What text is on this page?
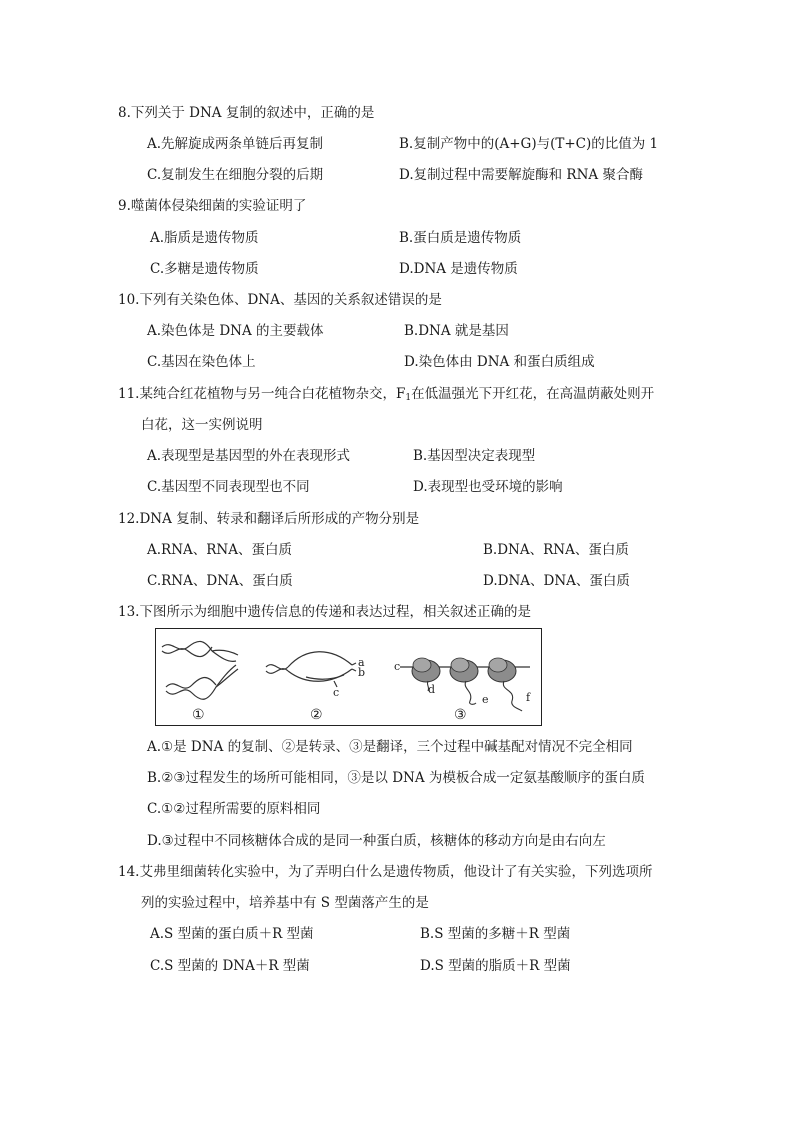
8.下列关于 DNA 复制的叙述中，正确的是
A.先解旋成两条单链后再复制	B.复制产物中的(A+G)与(T+C)的比值为 1
C.复制发生在细胞分裂的后期	D.复制过程中需要解旋酶和 RNA 聚合酶
9.噬菌体侵染细菌的实验证明了
A.脂质是遗传物质	B.蛋白质是遗传物质
C.多糖是遗传物质	D.DNA 是遗传物质
10.下列有关染色体、DNA、基因的关系叙述错误的是
A.染色体是 DNA 的主要载体	B.DNA 就是基因
C.基因在染色体上	D.染色体由 DNA 和蛋白质组成
11.某纯合红花植物与另一纯合白花植物杂交，$F_1$在低温强光下开红花，在高温荫蔽处则开
白花，这一实例说明
A.表现型是基因型的外在表现形式	B.基因型决定表现型
C.基因型不同表现型也不同	D.表现型也受环境的影响
12.DNA 复制、转录和翻译后所形成的产物分别是
A.RNA、RNA、蛋白质	B.DNA、RNA、蛋白质
C.RNA、DNA、蛋白质	D.DNA、DNA、蛋白质
13.下图所示为细胞中遗传信息的传递和表达过程，相关叙述正确的是
①	②	③
a
b
c
c
d
e	f
A.①是 DNA 的复制、②是转录、③是翻译，三个过程中碱基配对情况不完全相同
B.②③过程发生的场所可能相同，③是以 DNA 为模板合成一定氨基酸顺序的蛋白质
C.①②过程所需要的原料相同
D.③过程中不同核糖体合成的是同一种蛋白质，核糖体的移动方向是由右向左
14.艾弗里细菌转化实验中，为了弄明白什么是遗传物质，他设计了有关实验，下列选项所
列的实验过程中，培养基中有 S 型菌落产生的是
A.S 型菌的蛋白质＋R 型菌	B.S 型菌的多糖＋R 型菌
C.S 型菌的 DNA＋R 型菌	D.S 型菌的脂质＋R 型菌
